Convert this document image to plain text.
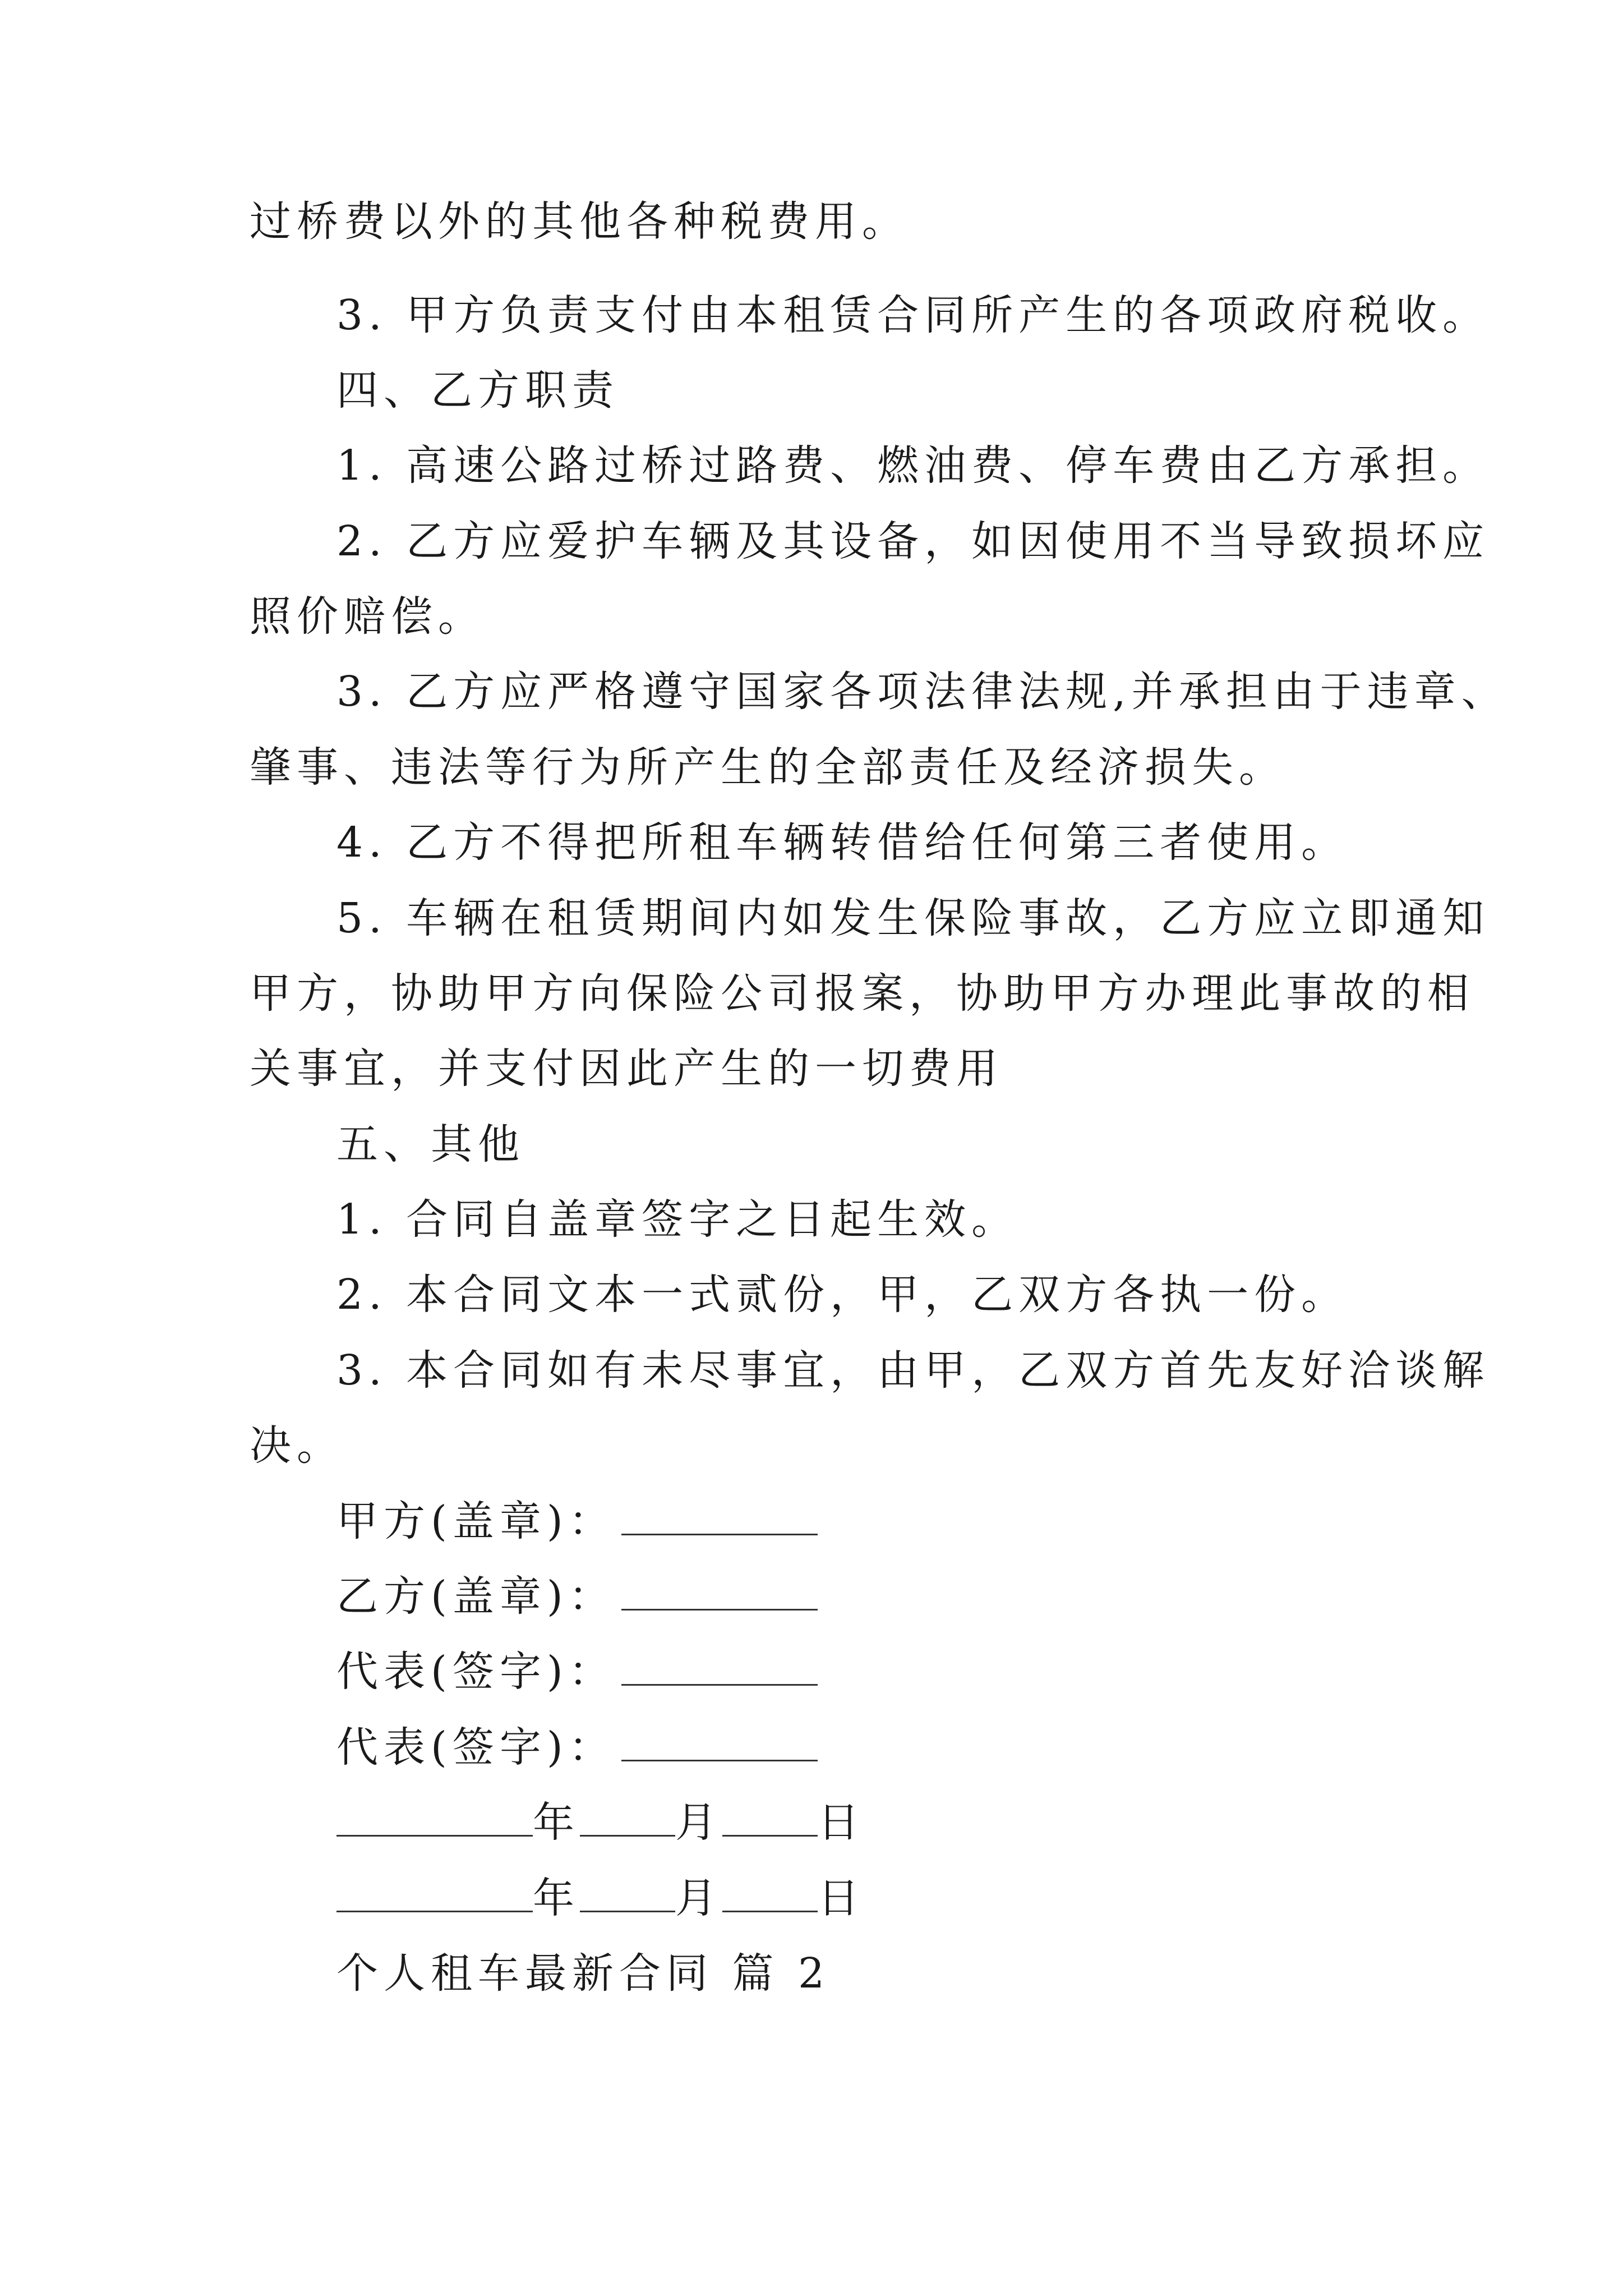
过桥费以外的其他各种税费用。
3. 甲方负责支付由本租赁合同所产生的各项政府税收。
四、乙方职责
1. 高速公路过桥过路费、燃油费、停车费由乙方承担。
2. 乙方应爱护车辆及其设备，如因使用不当导致损坏应
照价赔偿。
3. 乙方应严格遵守国家各项法律法规,并承担由于违章、
肇事、违法等行为所产生的全部责任及经济损失。
4. 乙方不得把所租车辆转借给任何第三者使用。
5. 车辆在租赁期间内如发生保险事故，乙方应立即通知
甲方，协助甲方向保险公司报案，协助甲方办理此事故的相
关事宜，并支付因此产生的一切费用
五、其他
1. 合同自盖章签字之日起生效。
2. 本合同文本一式贰份，甲，乙双方各执一份。
3. 本合同如有未尽事宜，由甲，乙双方首先友好洽谈解
决。
甲方(盖章)：
乙方(盖章)：
代表(签字)：
代表(签字)：
年 月 日
年 月 日
个人租车最新合同 篇 2
